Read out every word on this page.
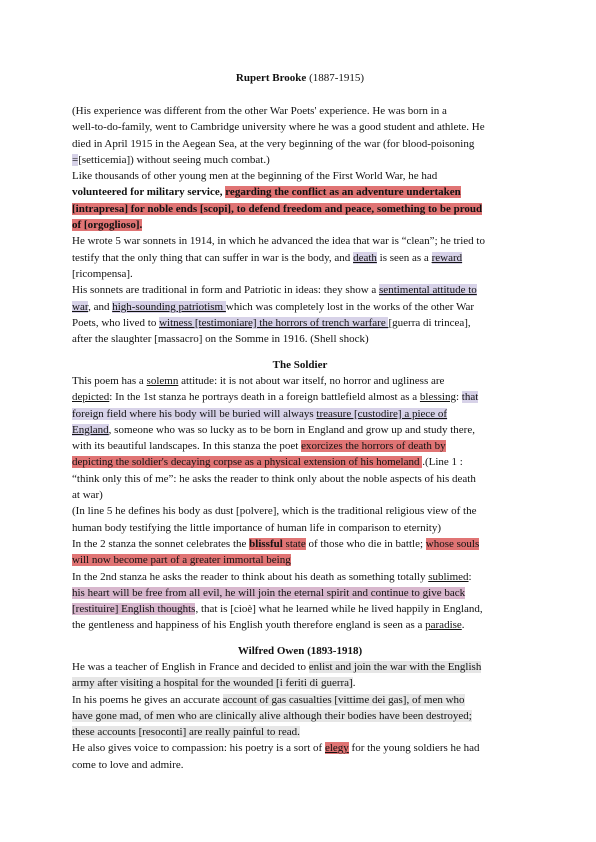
Rupert Brooke (1887-1915)
(His experience was different from the other War Poets' experience. He was born in a
well-to-do-family, went to Cambridge university where he was a good student and athlete. He
died in April 1915 in the Aegean Sea, at the very beginning of the war (for blood-poisoning
=[setticemia]) without seeing much combat.)
Like thousands of other young men at the beginning of the First World War, he had
volunteered for military service, regarding the conflict as an adventure undertaken
[intrapresa] for noble ends [scopi], to defend freedom and peace, something to be proud
of [orgoglioso].
He wrote 5 war sonnets in 1914, in which he advanced the idea that war is “clean”; he tried to
testify that the only thing that can suffer in war is the body, and death is seen as a reward
[ricompensa].
His sonnets are traditional in form and Patriotic in ideas: they show a sentimental attitude to
war, and high-sounding patriotism which was completely lost in the works of the other War
Poets, who lived to witness [testimoniare] the horrors of trench warfare [guerra di trincea],
after the slaughter [massacro] on the Somme in 1916. (Shell shock)
The Soldier
This poem has a solemn attitude: it is not about war itself, no horror and ugliness are
depicted: In the 1st stanza he portrays death in a foreign battlefield almost as a blessing: that
foreign field where his body will be buried will always treasure [custodire] a piece of
England, someone who was so lucky as to be born in England and grow up and study there,
with its beautiful landscapes. In this stanza the poet exorcizes the horrors of death by
depicting the soldier's decaying corpse as a physical extension of his homeland .(Line 1 :
“think only this of me”: he asks the reader to think only about the noble aspects of his death
at war)
(In line 5 he defines his body as dust [polvere], which is the traditional religious view of the
human body testifying the little importance of human life in comparison to eternity)
In the 2 stanza the sonnet celebrates the blissful state of those who die in battle; whose souls
will now become part of a greater immortal being
In the 2nd stanza he asks the reader to think about his death as something totally sublimed:
his heart will be free from all evil, he will join the eternal spirit and continue to give back
[restituire] English thoughts, that is [cioè] what he learned while he lived happily in England,
the gentleness and happiness of his English youth therefore england is seen as a paradise.
Wilfred Owen (1893-1918)
He was a teacher of English in France and decided to enlist and join the war with the English
army after visiting a hospital for the wounded [i feriti di guerra].
In his poems he gives an accurate account of gas casualties [vittime dei gas], of men who
have gone mad, of men who are clinically alive although their bodies have been destroyed;
these accounts [resoconti] are really painful to read.
He also gives voice to compassion: his poetry is a sort of elegy for the young soldiers he had
come to love and admire.
